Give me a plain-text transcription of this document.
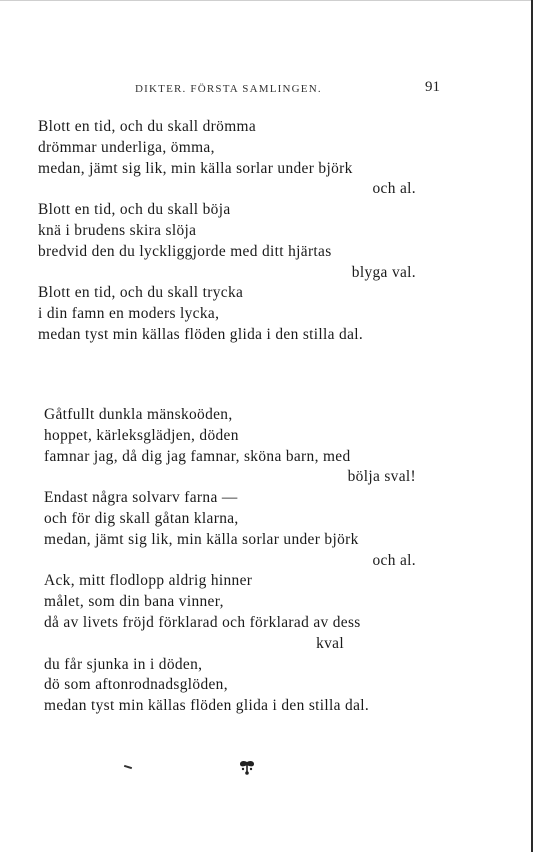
DIKTER. FÖRSTA SAMLINGEN.	91
Blott en tid, och du skall drömma
drömmar underliga, ömma,
medan, jämt sig lik, min källa sorlar under björk
och al.
Blott en tid, och du skall böja
knä i brudens skira slöja
bredvid den du lyckliggjorde med ditt hjärtas
blyga val.
Blott en tid, och du skall trycka
i din famn en moders lycka,
medan tyst min källas flöden glida i den stilla dal.
Gåtfullt dunkla mänskoöden,
hoppet, kärleksglädjen, döden
famnar jag, då dig jag famnar, sköna barn, med
bölja sval!
Endast några solvarv farna —
och för dig skall gåtan klarna,
medan, jämt sig lik, min källa sorlar under björk
och al.
Ack, mitt flodlopp aldrig hinner
målet, som din bana vinner,
då av livets fröjd förklarad och förklarad av dess
kval
du får sjunka in i döden,
dö som aftonrodnadsglöden,
medan tyst min källas flöden glida i den stilla dal.
